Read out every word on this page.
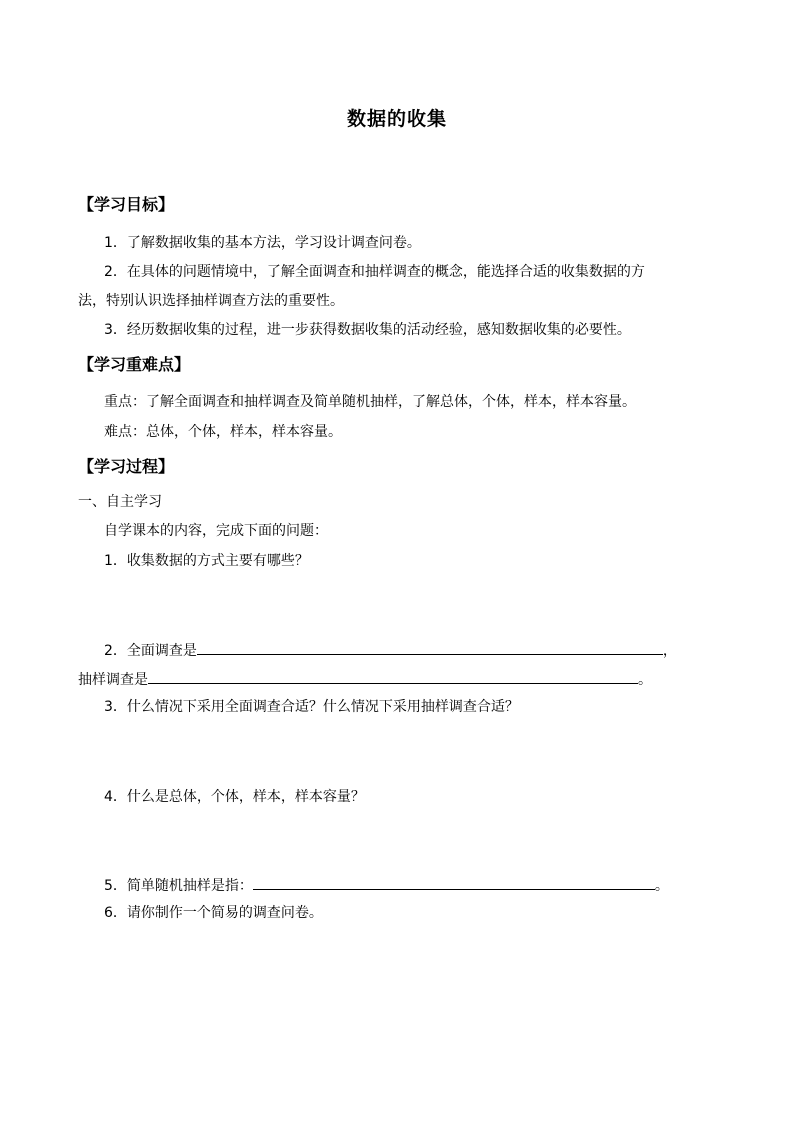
数据的收集
【学习目标】
1．了解数据收集的基本方法，学习设计调查问卷。
2．在具体的问题情境中，了解全面调查和抽样调查的概念，能选择合适的收集数据的方
法，特别认识选择抽样调查方法的重要性。
3．经历数据收集的过程，进一步获得数据收集的活动经验，感知数据收集的必要性。
【学习重难点】
重点：了解全面调查和抽样调查及简单随机抽样，了解总体，个体，样本，样本容量。
难点：总体，个体，样本，样本容量。
【学习过程】
一、自主学习
自学课本的内容，完成下面的问题：
1．收集数据的方式主要有哪些？
2．全面调查是	，
抽样调查是	。
3．什么情况下采用全面调查合适？什么情况下采用抽样调查合适？
4．什么是总体，个体，样本，样本容量？
5．简单随机抽样是指：	。
6．请你制作一个简易的调查问卷。
